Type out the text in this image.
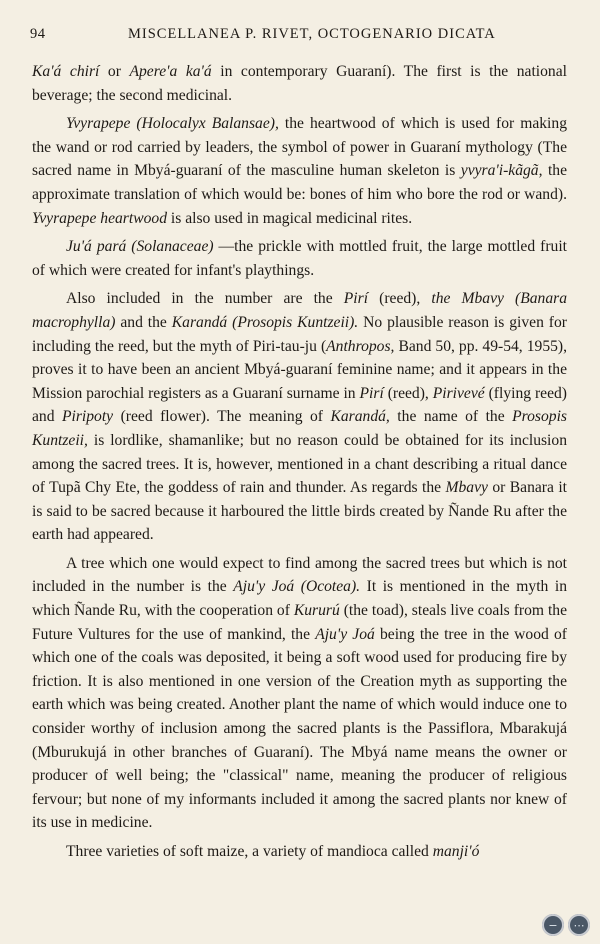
94	MISCELLANEA P. RIVET, OCTOGENARIO DICATA

Ka'á chirí or Apere'a ka'á in contemporary Guaraní). The first is the national beverage; the second medicinal.

Yvyrapepe (Holocalyx Balansae), the heartwood of which is used for making the wand or rod carried by leaders, the symbol of power in Guaraní mythology (The sacred name in Mbyá-guaraní of the masculine human skeleton is yvyra'i-kãgã, the approximate translation of which would be: bones of him who bore the rod or wand). Yvyrapepe heartwood is also used in magical medicinal rites.

Ju'á pará (Solanaceae) —the prickle with mottled fruit, the large mottled fruit of which were created for infant's playthings.

Also included in the number are the Pirí (reed), the Mbavy (Banara macrophylla) and the Karandá (Prosopis Kuntzeii). No plausible reason is given for including the reed, but the myth of Piri-tau-ju (Anthropos, Band 50, pp. 49-54, 1955), proves it to have been an ancient Mbyá-guaraní feminine name; and it appears in the Mission parochial registers as a Guaraní surname in Pirí (reed), Pirivevé (flying reed) and Piripoty (reed flower). The meaning of Karandá, the name of the Prosopis Kuntzeii, is lordlike, shamanlike; but no reason could be obtained for its inclusion among the sacred trees. It is, however, mentioned in a chant describing a ritual dance of Tupã Chy Ete, the goddess of rain and thunder. As regards the Mbavy or Banara it is said to be sacred because it harboured the little birds created by Ñande Ru after the earth had appeared.

A tree which one would expect to find among the sacred trees but which is not included in the number is the Aju'y Joá (Ocotea). It is mentioned in the myth in which Ñande Ru, with the cooperation of Kururú (the toad), steals live coals from the Future Vultures for the use of mankind, the Aju'y Joá being the tree in the wood of which one of the coals was deposited, it being a soft wood used for producing fire by friction. It is also mentioned in one version of the Creation myth as supporting the earth which was being created. Another plant the name of which would induce one to consider worthy of inclusion among the sacred plants is the Passiflora, Mbarakujá (Mburukujá in other branches of Guaraní). The Mbyá name means the owner or producer of well being; the "classical" name, meaning the producer of religious fervour; but none of my informants included it among the sacred plants nor knew of its use in medicine.

Three varieties of soft maize, a variety of mandioca called manji'ó

− ⋯
